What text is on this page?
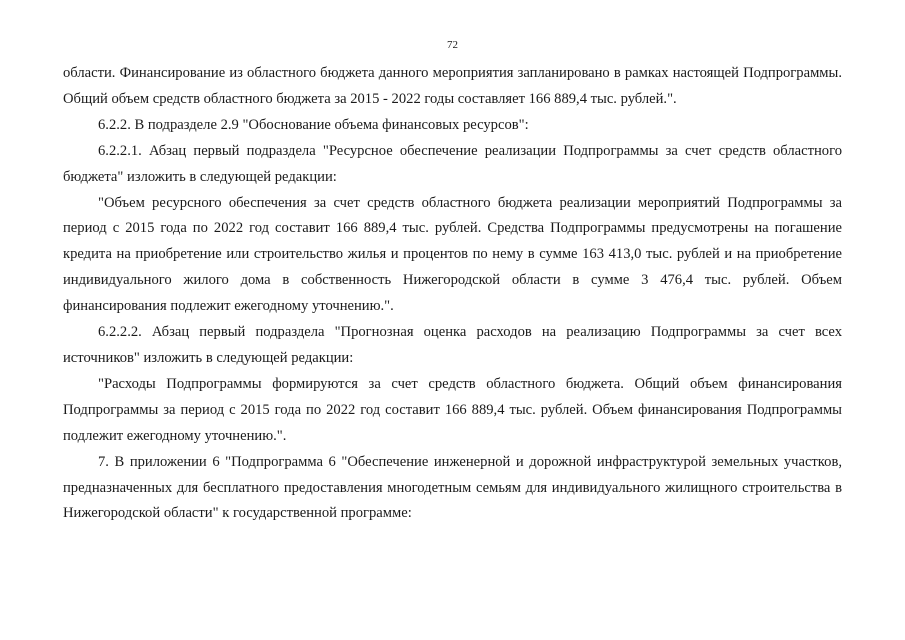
72

области. Финансирование из областного бюджета данного мероприятия запланировано в рамках настоящей Подпрограммы. Общий объем средств областного бюджета за 2015 - 2022 годы составляет 166 889,4 тыс. рублей.".

6.2.2. В подразделе 2.9 "Обоснование объема финансовых ресурсов":

6.2.2.1. Абзац первый подраздела "Ресурсное обеспечение реализации Подпрограммы за счет средств областного бюджета" изложить в следующей редакции:

"Объем ресурсного обеспечения за счет средств областного бюджета реализации мероприятий Подпрограммы за период с 2015 года по 2022 год составит 166 889,4 тыс. рублей. Средства Подпрограммы предусмотрены на погашение кредита на приобретение или строительство жилья и процентов по нему в сумме 163 413,0 тыс. рублей и на приобретение индивидуального жилого дома в собственность Нижегородской области в сумме 3 476,4 тыс. рублей. Объем финансирования подлежит ежегодному уточнению.".

6.2.2.2. Абзац первый подраздела "Прогнозная оценка расходов на реализацию Подпрограммы за счет всех источников" изложить в следующей редакции:

"Расходы Подпрограммы формируются за счет средств областного бюджета. Общий объем финансирования Подпрограммы за период с 2015 года по 2022 год составит 166 889,4 тыс. рублей. Объем финансирования Подпрограммы подлежит ежегодному уточнению.".

7. В приложении 6 "Подпрограмма 6 "Обеспечение инженерной и дорожной инфраструктурой земельных участков, предназначенных для бесплатного предоставления многодетным семьям для индивидуального жилищного строительства в Нижегородской области" к государственной программе:
